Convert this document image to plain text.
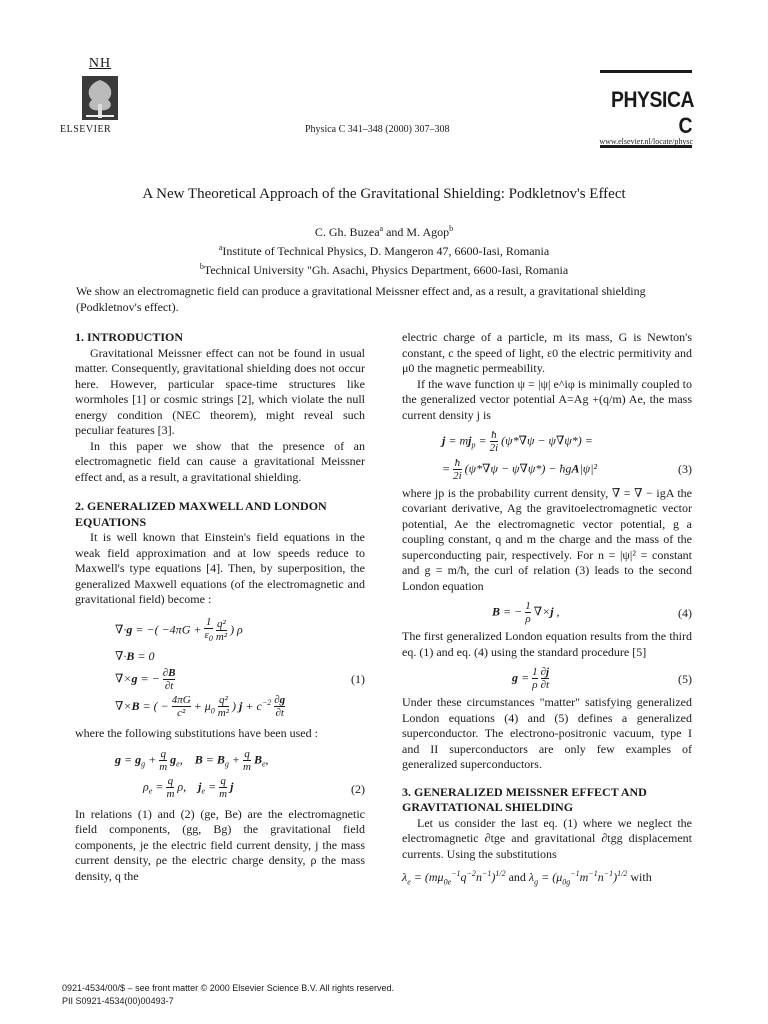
NH
ELSEVIER	Physica C 341–348 (2000) 307–308
PHYSICA C
www.elsevier.nl/locate/physc
A New Theoretical Approach of the Gravitational Shielding: Podkletnov's Effect
C. Gh. Buzea$^a$ and M. Agop$^b$
$^a$Institute of Technical Physics, D. Mangeron 47, 6600-Iasi, Romania
$^b$Technical University "Gh. Asachi, Physics Department, 6600-Iasi, Romania
We show an electromagnetic field can produce a gravitational Meissner effect and, as a result, a gravitational shielding (Podkletnov's effect).
1. INTRODUCTION
Gravitational Meissner effect can not be found in usual matter. Consequently, gravitational shielding does not occur here. However, particular space-time structures like wormholes [1] or cosmic strings [2], which violate the null energy condition (NEC theorem), might reveal such peculiar features [3].
In this paper we show that the presence of an electromagnetic field can cause a gravitational Meissner effect and, as a result, a gravitational shielding.
2. GENERALIZED MAXWELL AND LONDON EQUATIONS
It is well known that Einstein's field equations in the weak field approximation and at low speeds reduce to Maxwell's type equations [4]. Then, by superposition, the generalized Maxwell equations (of the electromagnetic and gravitational field) become :
∇·g = −( $-4\pi G + \frac{1}{\varepsilon_0}$
$\frac{\text{q²}}{\text{m²}}$ ) ρ
∇·B = 0
∇×g = − $\frac{\partial B}{\partial t}$	(1)
∇×B = ( − $\frac{4\pi G}{\text{c²}} + \mu_0 \frac{\text{q²}}{\text{m²}}$ ) $j + c^{-2} \frac{\partial g}{\partial t}$
where the following substitutions have been used :
$g = g_g + \frac{q}{m} g_e$,    $B = B_g + \frac{q}{m} B_e$,
$\rho_e = \frac{q}{m} \rho$,    $j_e = \frac{q}{m}$ j	(2)
In relations (1) and (2) (ge, Be) are the electromagnetic field components, (gg, Bg) the gravitational field components, je the electric field current density, j the mass current density, ρe the electric charge density, ρ the mass density, q the
electric charge of a particle, m its mass, G is Newton's constant, c the speed of light, ε0 the electric permitivity and μ0 the magnetic permeability.
If the wave function ψ = |ψ| e^iφ is minimally coupled to the generalized vector potential A=Ag +(q/m) Ae, the mass current density j is
$j = mj_p = \frac{ħ}{2i}$ (ψ*∇̄ψ − ψ∇̄ψ*) =
= $\frac{ħ}{2i} (\psi*\nabla\psi - \psi\nabla\psi*)$ − ħgA|ψ|²	(3)
where jp is the probability current density, ∇̄ = ∇ − igA the covariant derivative, Ag the gravitoelectromagnetic vector potential, Ae the electromagnetic vector potential, g a coupling constant, q and m the charge and the mass of the superconducting pair, respectively. For n = |ψ|² = constant and g = m/ħ, the curl of relation (3) leads to the second London equation
B = − $\frac{1}{\rho} \nabla\times j$ ,	(4)
The first generalized London equation results from the third eq. (1) and eq. (4) using the standard procedure [5]
$g = \frac{1}{\rho}$
$\frac{\partial j}{\partial t}$	(5)
Under these circumstances "matter" satisfying generalized London equations (4) and (5) defines a generalized superconductor. The electrono-positronic vacuum, type I and II superconductors are only few examples of generalized superconductors.
3. GENERALIZED MEISSNER EFFECT AND GRAVITATIONAL SHIELDING
Let us consider the last eq. (1) where we neglect the electromagnetic ∂tge and gravitational ∂tgg displacement currents. Using the substitutions
$\lambda_e = (m\mu_{0e}^{-1}q^{-2}n^{-1})^{1/2}$ and $\lambda_g = (\mu_{0g}^{-1}m^{-1}n^{-1})^{1/2}$ with
0921-4534/00/$ – see front matter © 2000 Elsevier Science B.V. All rights reserved.
PII S0921-4534(00)00493-7
